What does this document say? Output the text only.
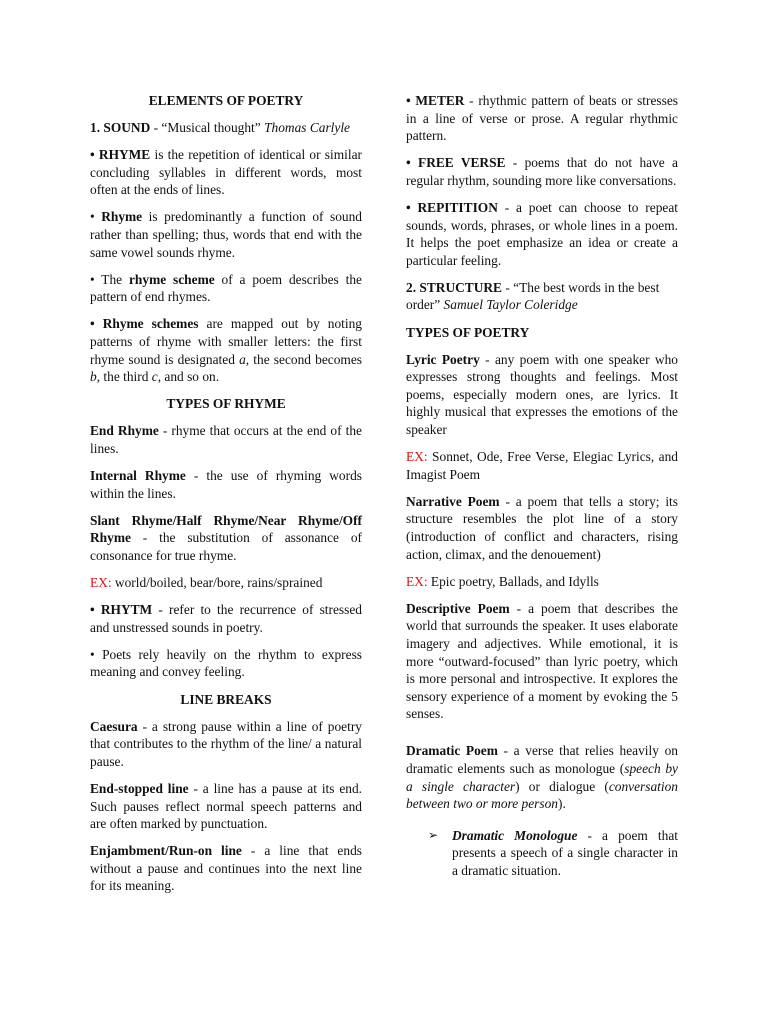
ELEMENTS OF POETRY

1. SOUND - “Musical thought” Thomas Carlyle

• RHYME is the repetition of identical or similar concluding syllables in different words, most often at the ends of lines.

• Rhyme is predominantly a function of sound rather than spelling; thus, words that end with the same vowel sounds rhyme.

• The rhyme scheme of a poem describes the pattern of end rhymes.

• Rhyme schemes are mapped out by noting patterns of rhyme with smaller letters: the first rhyme sound is designated a, the second becomes b, the third c, and so on.

TYPES OF RHYME

End Rhyme - rhyme that occurs at the end of the lines.

Internal Rhyme - the use of rhyming words within the lines.

Slant Rhyme/Half Rhyme/Near Rhyme/Off Rhyme - the substitution of assonance of consonance for true rhyme.

EX: world/boiled, bear/bore, rains/sprained

• RHYTM - refer to the recurrence of stressed and unstressed sounds in poetry.

• Poets rely heavily on the rhythm to express meaning and convey feeling.

LINE BREAKS

Caesura - a strong pause within a line of poetry that contributes to the rhythm of the line/ a natural pause.

End-stopped line - a line has a pause at its end. Such pauses reflect normal speech patterns and are often marked by punctuation.

Enjambment/Run-on line - a line that ends without a pause and continues into the next line for its meaning.

• METER - rhythmic pattern of beats or stresses in a line of verse or prose. A regular rhythmic pattern.

• FREE VERSE - poems that do not have a regular rhythm, sounding more like conversations.

• REPITITION - a poet can choose to repeat sounds, words, phrases, or whole lines in a poem. It helps the poet emphasize an idea or create a particular feeling.

2. STRUCTURE - “The best words in the best order” Samuel Taylor Coleridge

TYPES OF POETRY

Lyric Poetry - any poem with one speaker who expresses strong thoughts and feelings. Most poems, especially modern ones, are lyrics. It highly musical that expresses the emotions of the speaker

EX: Sonnet, Ode, Free Verse, Elegiac Lyrics, and Imagist Poem

Narrative Poem - a poem that tells a story; its structure resembles the plot line of a story (introduction of conflict and characters, rising action, climax, and the denouement)

EX: Epic poetry, Ballads, and Idylls

Descriptive Poem - a poem that describes the world that surrounds the speaker. It uses elaborate imagery and adjectives. While emotional, it is more “outward-focused” than lyric poetry, which is more personal and introspective. It explores the sensory experience of a moment by evoking the 5 senses.

Dramatic Poem - a verse that relies heavily on dramatic elements such as monologue (speech by a single character) or dialogue (conversation between two or more person).

➢ Dramatic Monologue - a poem that presents a speech of a single character in a dramatic situation.
